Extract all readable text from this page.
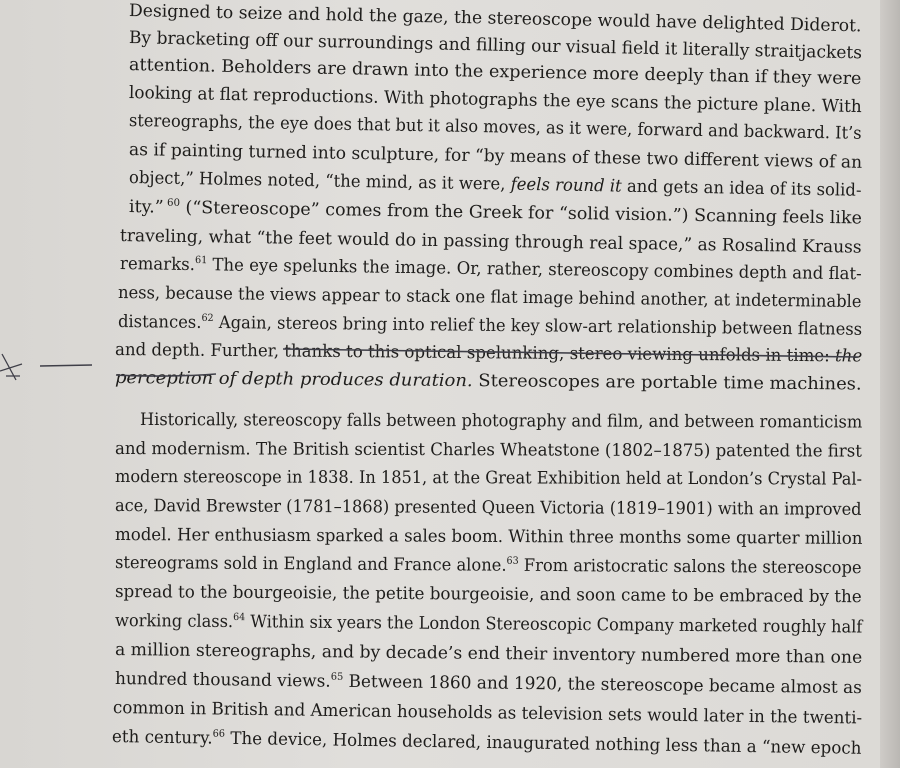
Designed to seize and hold the gaze, the stereoscope would have delighted Diderot.
By bracketing off our surroundings and filling our visual field it literally straitjackets
attention. Beholders are drawn into the experience more deeply than if they were
looking at flat reproductions. With photographs the eye scans the picture plane. With
stereographs, the eye does that but it also moves, as it were, forward and backward. It’s
as if painting turned into sculpture, for “by means of these two different views of an
object,” Holmes noted, “the mind, as it were, feels round it and gets an idea of its solid-
ity.” $^{60}$ (“Stereoscope” comes from the Greek for “solid vision.”) Scanning feels like
traveling, what “the feet would do in passing through real space,” as Rosalind Krauss
remarks.$^{61}$ The eye spelunks the image. Or, rather, stereoscopy combines depth and flat-
ness, because the views appear to stack one flat image behind another, at indeterminable
distances.$^{62}$ Again, stereos bring into relief the key slow-art relationship between flatness
and depth. Further, thanks to this optical spelunking, stereo viewing unfolds in time: the
perception of depth produces duration. Stereoscopes are portable time machines.
Historically, stereoscopy falls between photography and film, and between romanticism
and modernism. The British scientist Charles Wheatstone (1802–1875) patented the first
modern stereoscope in 1838. In 1851, at the Great Exhibition held at London’s Crystal Pal-
ace, David Brewster (1781–1868) presented Queen Victoria (1819–1901) with an improved
model. Her enthusiasm sparked a sales boom. Within three months some quarter million
stereograms sold in England and France alone.$^{63}$ From aristocratic salons the stereoscope
spread to the bourgeoisie, the petite bourgeoisie, and soon came to be embraced by the
working class.$^{64}$ Within six years the London Stereoscopic Company marketed roughly half
a million stereographs, and by decade’s end their inventory numbered more than one
hundred thousand views.$^{65}$ Between 1860 and 1920, the stereoscope became almost as
common in British and American households as television sets would later in the twenti-
eth century.$^{66}$ The device, Holmes declared, inaugurated nothing less than a “new epoch
